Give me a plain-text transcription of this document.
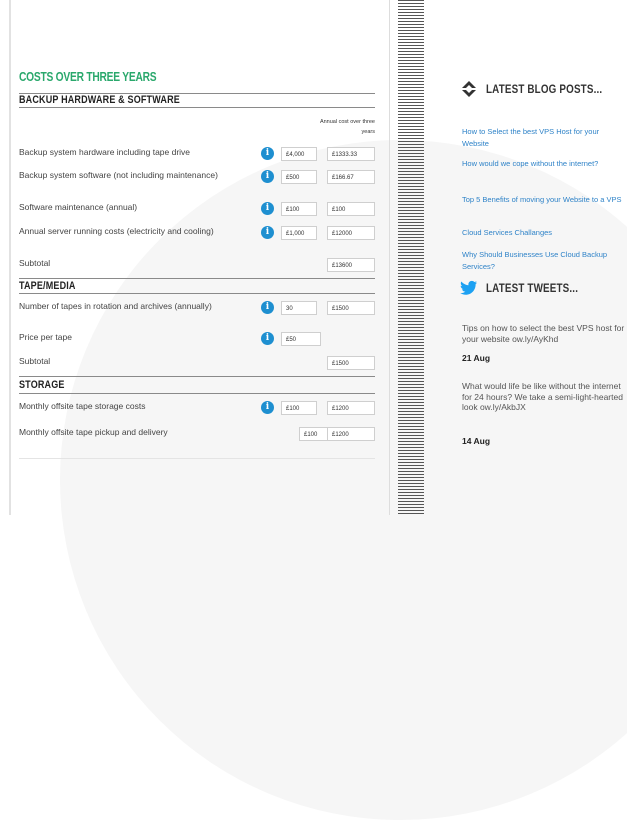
COSTS OVER THREE YEARS
BACKUP HARDWARE & SOFTWARE
Annual cost over three years
Backup system hardware including tape drive	i	£4,000	£1333.33
Backup system software (not including maintenance)	i	£500	£166.67
Software maintenance (annual)	i	£100	£100
Annual server running costs (electricity and cooling)	i	£1,000	£12000
Subtotal	£13600
TAPE/MEDIA
Number of tapes in rotation and archives (annually)	i	30	£1500
Price per tape	i	£50
Subtotal	£1500
STORAGE
Monthly offsite tape storage costs	i	£100	£1200
Monthly offsite tape pickup and delivery	£100	£1200
LATEST BLOG POSTS...
How to Select the best VPS Host for your Website
How would we cope without the internet?
Top 5 Benefits of moving your Website to a VPS
Cloud Services Challanges
Why Should Businesses Use Cloud Backup Services?
LATEST TWEETS...
Tips on how to select the best VPS host for your website ow.ly/AyKhd
21 Aug
What would life be like without the internet for 24 hours? We take a semi-light-hearted look ow.ly/AkbJX
14 Aug
